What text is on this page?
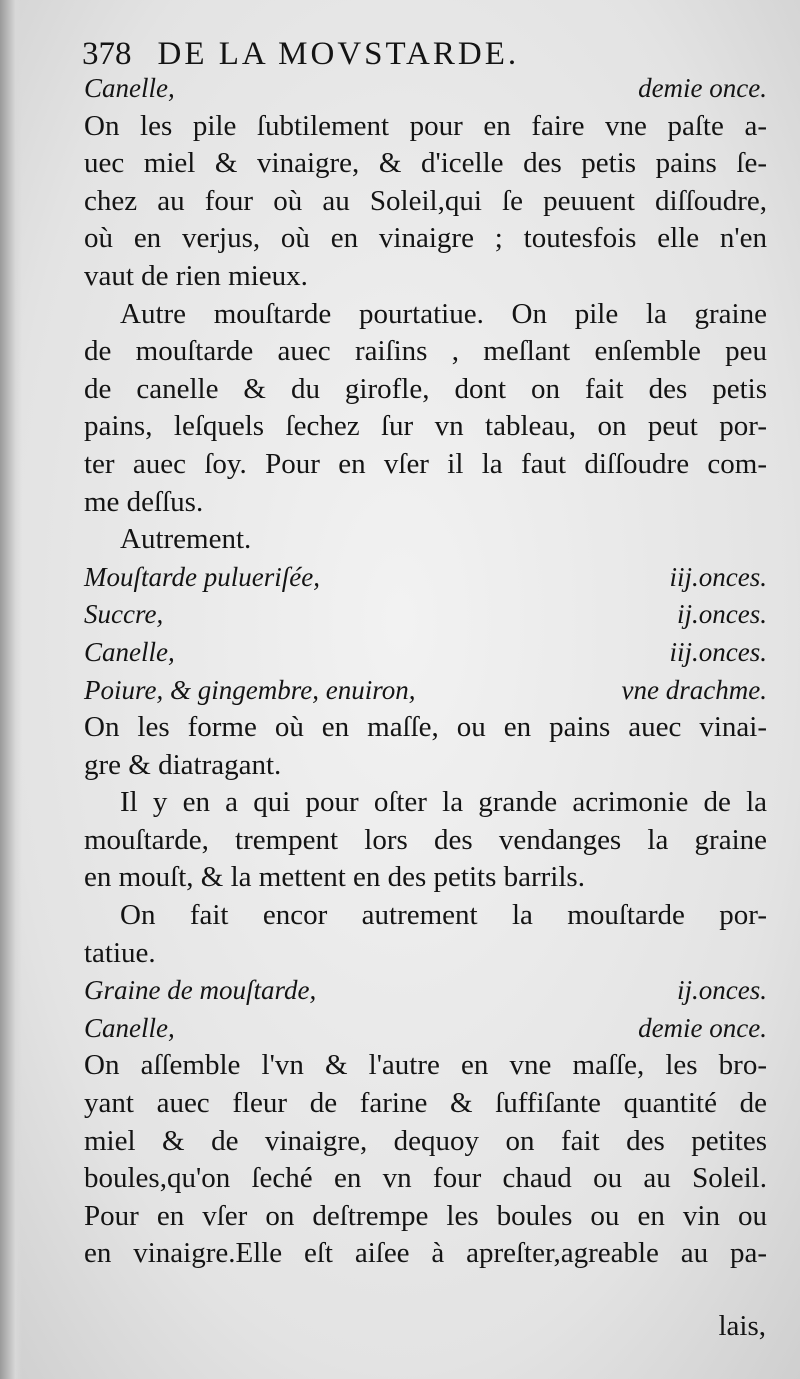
378 DE LA MOVSTARDE.
Canelle,	demie once.
On les pile ſubtilement pour en faire vne paſte a-
uec miel & vinaigre, & d'icelle des petis pains ſe-
chez au four où au Soleil,qui ſe peuuent diſſoudre,
où en verjus, où en vinaigre ; toutesfois elle n'en
vaut de rien mieux.
Autre mouſtarde pourtatiue. On pile la graine
de mouſtarde auec raiſins , meſlant enſemble peu
de canelle & du girofle, dont on fait des petis
pains, leſquels ſechez ſur vn tableau, on peut por-
ter auec ſoy. Pour en vſer il la faut diſſoudre com-
me deſſus.
Autrement.
Mouſtarde pulueriſée,	iij.onces.
Succre,	ij.onces.
Canelle,	iij.onces.
Poiure, & gingembre, enuiron,	vne drachme.
On les forme où en maſſe, ou en pains auec vinai-
gre & diatragant.
Il y en a qui pour oſter la grande acrimonie de la
mouſtarde, trempent lors des vendanges la graine
en mouſt, & la mettent en des petits barrils.
On fait encor autrement la mouſtarde por-
tatiue.
Graine de mouſtarde,	ij.onces.
Canelle,	demie once.
On aſſemble l'vn & l'autre en vne maſſe, les bro-
yant auec fleur de farine & ſuffiſante quantité de
miel & de vinaigre, dequoy on fait des petites
boules,qu'on ſeché en vn four chaud ou au Soleil.
Pour en vſer on deſtrempe les boules ou en vin ou
en vinaigre.Elle eſt aiſee à apreſter,agreable au pa-
lais,
